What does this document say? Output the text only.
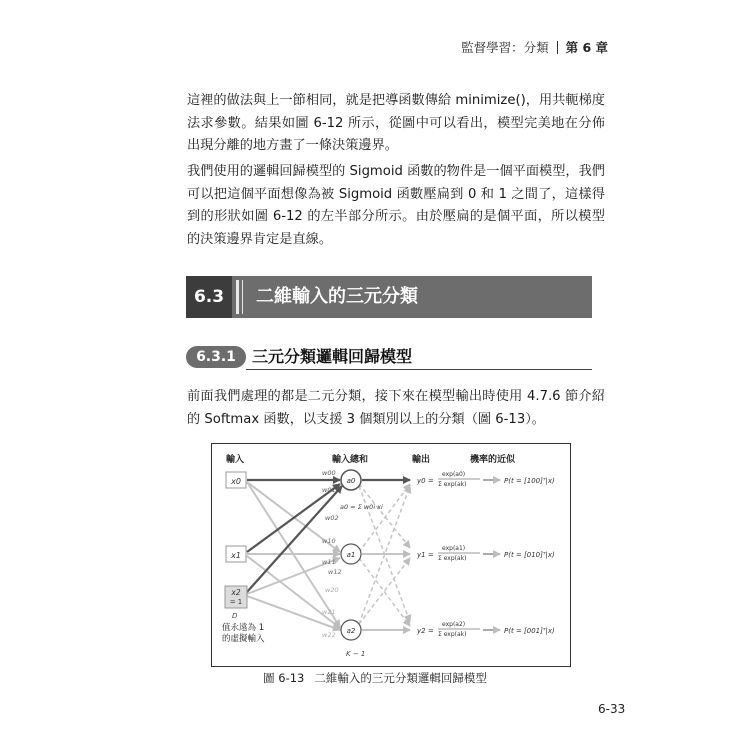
監督學習：分類 第 6 章
這裡的做法與上一節相同，就是把導函數傳給 minimize()，用共軛梯度法求參數。結果如圖 6-12 所示，從圖中可以看出，模型完美地在分佈出現分離的地方畫了一條決策邊界。
我們使用的邏輯回歸模型的 Sigmoid 函數的物件是一個平面模型，我們可以把這個平面想像為被 Sigmoid 函數壓扁到 0 和 1 之間了，這樣得到的形狀如圖 6-12 的左半部分所示。由於壓扁的是個平面，所以模型的決策邊界肯定是直線。
6.3	二維輸入的三元分類
6.3.1	三元分類邏輯回歸模型
前面我們處理的都是二元分類，接下來在模型輸出時使用 4.7.6 節介紹的 Softmax 函數，以支援 3 個類別以上的分類（圖 6-13）。
輸入	輸入總和	輸出	機率的近似
x0
x1
x2
= 1
D
值永遠為 1
的虛擬輸入
w00
w01
w02
w10
w11
w12
w20
w21
w22
a0 = Σ w0i xi
a0
a1
a2
K − 1
y0 =
exp(a0)
Σ exp(ak)
y1 =
exp(a1)
Σ exp(ak)
y2 =
exp(a2)
Σ exp(ak)
P(t = [100]ᵀ|x)
P(t = [010]ᵀ|x)
P(t = [001]ᵀ|x)
圖 6-13 二維輸入的三元分類邏輯回歸模型
6-33
